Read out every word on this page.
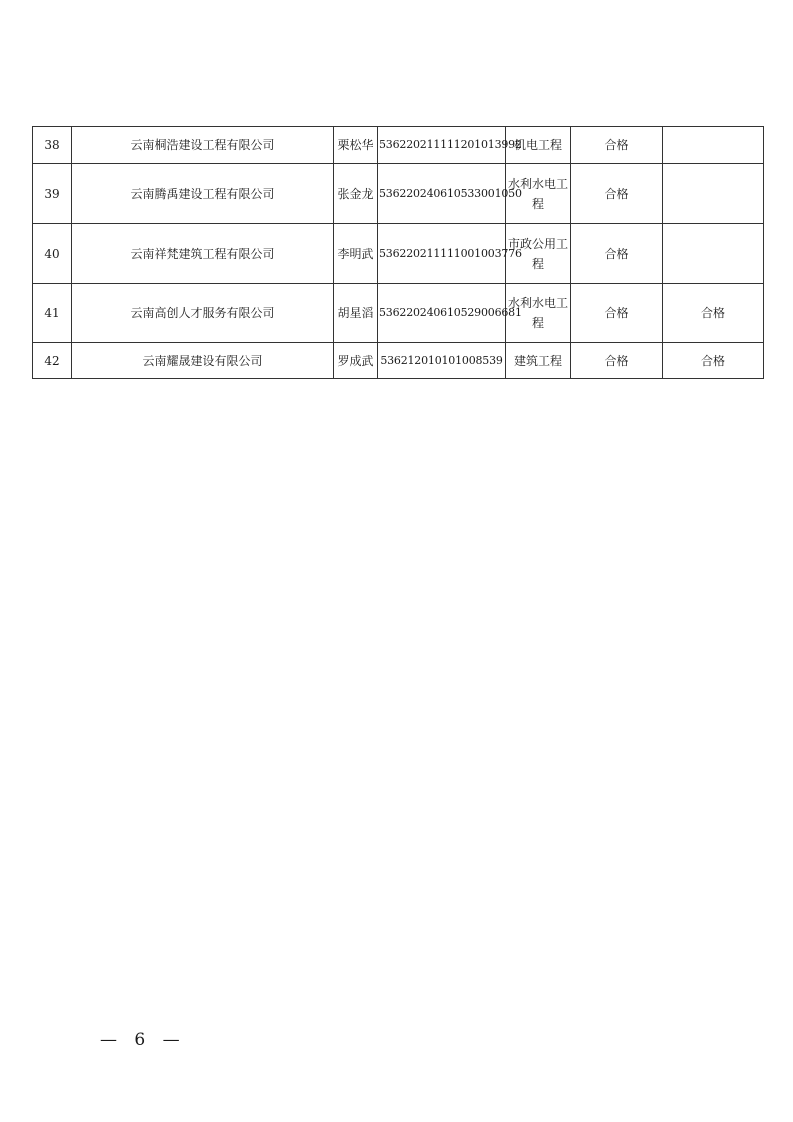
38	云南桐浩建设工程有限公司	栗松华	536220211111201013992	机电工程	合格	
39	云南腾禹建设工程有限公司	张金龙	536220240610533001050	水利水电工程	合格	
40	云南祥梵建筑工程有限公司	李明武	536220211111001003776	市政公用工程	合格	
41	云南高创人才服务有限公司	胡星滔	536220240610529006681	水利水电工程	合格	合格
42	云南耀晟建设有限公司	罗成武	536212010101008539	建筑工程	合格	合格
— 6 —
